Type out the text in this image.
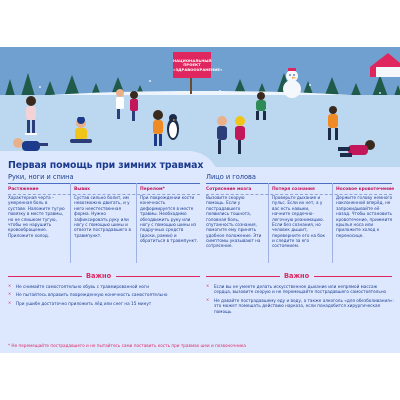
НАЦИОНАЛЬНЫЙ ПРОЕКТ «ЗДРАВООХРАНЕНИЕ»
Первая помощь при зимних травмах
Руки, ноги и спина	Лицо и голова
Растяжение
Характерная черта – умеренная боль в суставе. Наложите тугую повязку в месте травмы, но не слишком тугую, чтобы не нарушить кровообращение. Приложите холод.
Вывих
Сустав сильно болит, им невозможно двигать, и у него неестественная форма. Нужно зафиксировать руку или ногу с помощью шины и отвезти пострадавшего в травмпункт.
Перелом*
При повреждении кости конечность деформируется в месте травмы. Необходимо обездвижить руку или ногу с помощью шины из подручных средств (доски, рамки) и обратиться в травмпункт.
Сотрясение мозга
Вызовите скорую помощь. Если у пострадавшего появились тошнота, головная боль, спутанность сознания, помогите ему принять удобное положение. Эти симптомы указывают на сотрясение.
Потеря сознания
Проверьте дыхание и пульс. Если их нет, а у вас есть навыки, начните сердечно-легочную реанимацию. Если без сознания, но человек дышит, переверните его на бок и следите за его состоянием.
Носовое кровотечение
Держите голову немного наклоненной вперёд, не запрокидывайте её назад. Чтобы остановить кровотечение, прижмите крылья носа или приложите холод к переносице.
Важно
✕ Не снимайте самостоятельно обувь с травмированной ноги
✕ Не пытайтесь вправить поврежденную конечность самостоятельно
✕ При ушибе достаточно приложить лёд или снег на 15 минут
* Не перемещайте пострадавшего и не пытайтесь сами поставить кость при травмах шеи и позвоночника
Важно
✕ Если вы не умеете делать искусственное дыхание или непрямой массаж сердца, вызовите скорую и не перемещайте пострадавшего самостоятельно
✕ Не давайте пострадавшему еду и воду, а также алкоголь «для обезболивания»: это может помешать действию наркоза, если понадобится хирургическая помощь
